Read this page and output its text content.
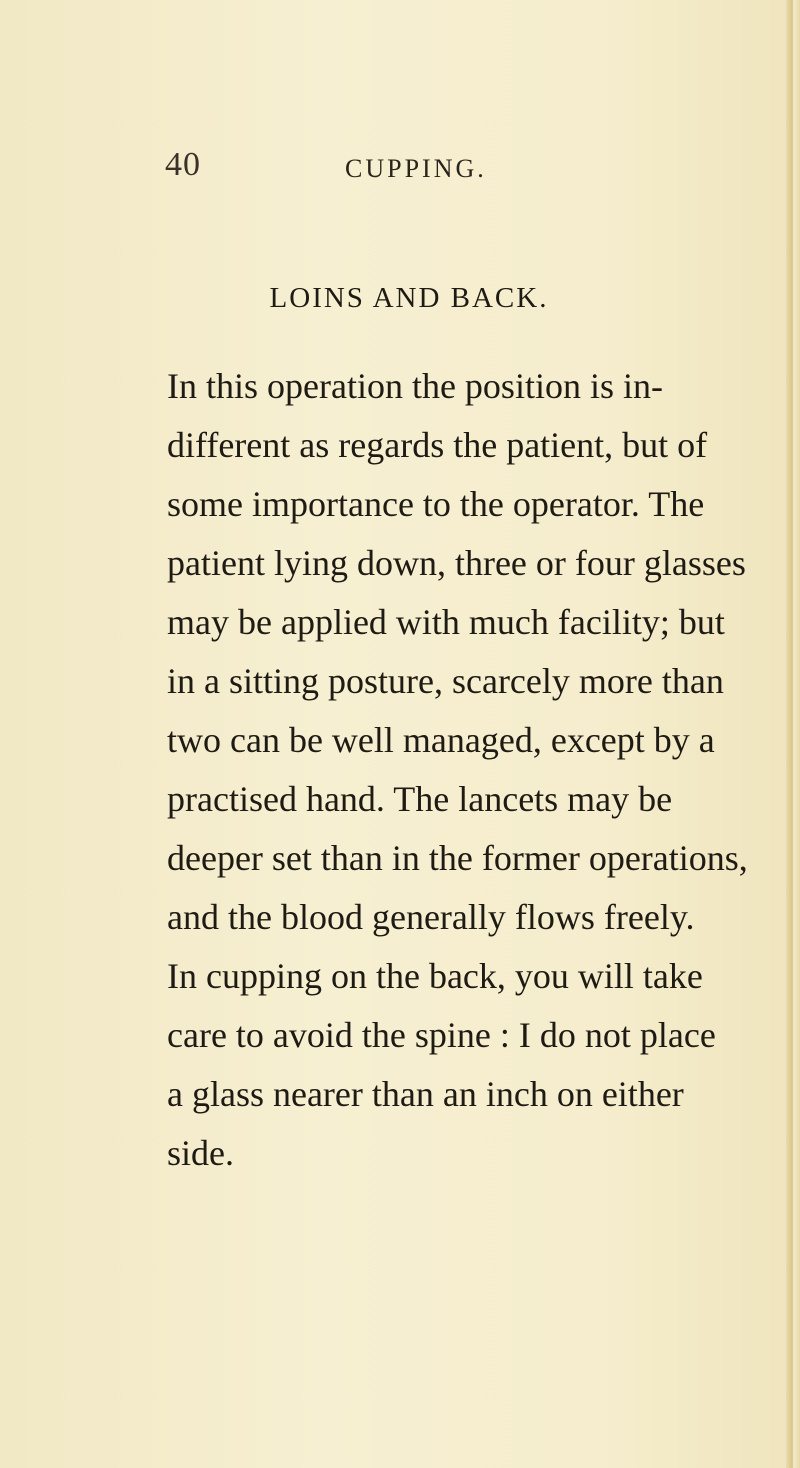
40	CUPPING.
LOINS AND BACK.
In this operation the position is in-
different as regards the patient, but of
some importance to the operator. The
patient lying down, three or four glasses
may be applied with much facility; but
in a sitting posture, scarcely more than
two can be well managed, except by a
practised hand. The lancets may be
deeper set than in the former operations,
and the blood generally flows freely.
In cupping on the back, you will take
care to avoid the spine : I do not place
a glass nearer than an inch on either
side.
